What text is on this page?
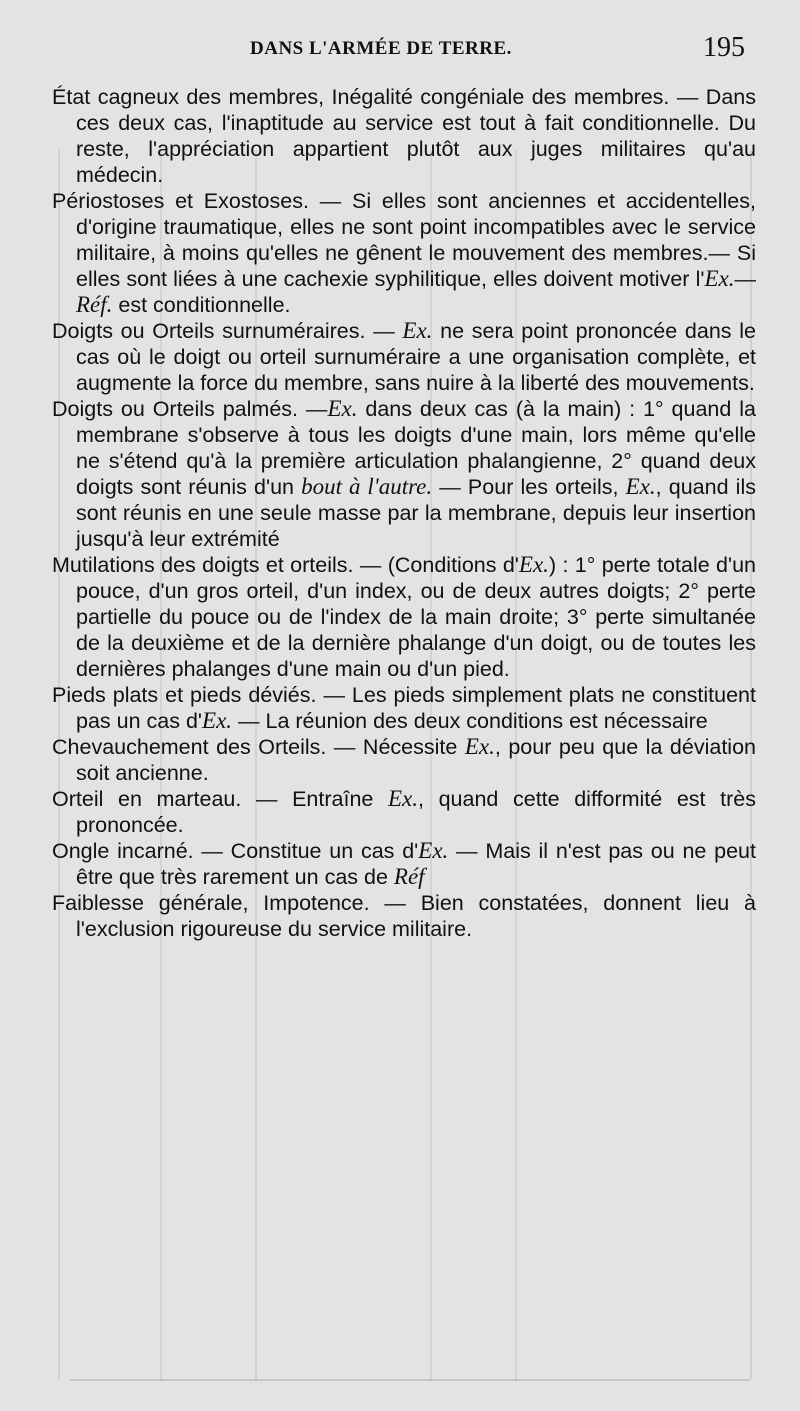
DANS L'ARMÉE DE TERRE.	195

État cagneux des membres, Inégalité congéniale des membres. — Dans ces deux cas, l'inaptitude au service est tout à fait conditionnelle. Du reste, l'appréciation appartient plutôt aux juges militaires qu'au médecin.

Périostoses et Exostoses. — Si elles sont anciennes et accidentelles, d'origine traumatique, elles ne sont point incompatibles avec le service militaire, à moins qu'elles ne gênent le mouvement des membres.— Si elles sont liées à une cachexie syphilitique, elles doivent motiver l'Ex.— Réf. est conditionnelle.

Doigts ou Orteils surnuméraires. — Ex. ne sera point prononcée dans le cas où le doigt ou orteil surnuméraire a une organisation complète, et augmente la force du membre, sans nuire à la liberté des mouvements.

Doigts ou Orteils palmés. —Ex. dans deux cas (à la main) : 1° quand la membrane s'observe à tous les doigts d'une main, lors même qu'elle ne s'étend qu'à la première articulation phalangienne, 2° quand deux doigts sont réunis d'un bout à l'autre. — Pour les orteils, Ex., quand ils sont réunis en une seule masse par la membrane, depuis leur insertion jusqu'à leur extrémité

Mutilations des doigts et orteils. — (Conditions d'Ex.) : 1° perte totale d'un pouce, d'un gros orteil, d'un index, ou de deux autres doigts; 2° perte partielle du pouce ou de l'index de la main droite; 3° perte simultanée de la deuxième et de la dernière phalange d'un doigt, ou de toutes les dernières phalanges d'une main ou d'un pied.

Pieds plats et pieds déviés. — Les pieds simplement plats ne constituent pas un cas d'Ex. — La réunion des deux conditions est nécessaire

Chevauchement des Orteils. — Nécessite Ex., pour peu que la déviation soit ancienne.

Orteil en marteau. — Entraîne Ex., quand cette difformité est très prononcée.

Ongle incarné. — Constitue un cas d'Ex. — Mais il n'est pas ou ne peut être que très rarement un cas de Réf

Faiblesse générale, Impotence. — Bien constatées, donnent lieu à l'exclusion rigoureuse du service militaire.
